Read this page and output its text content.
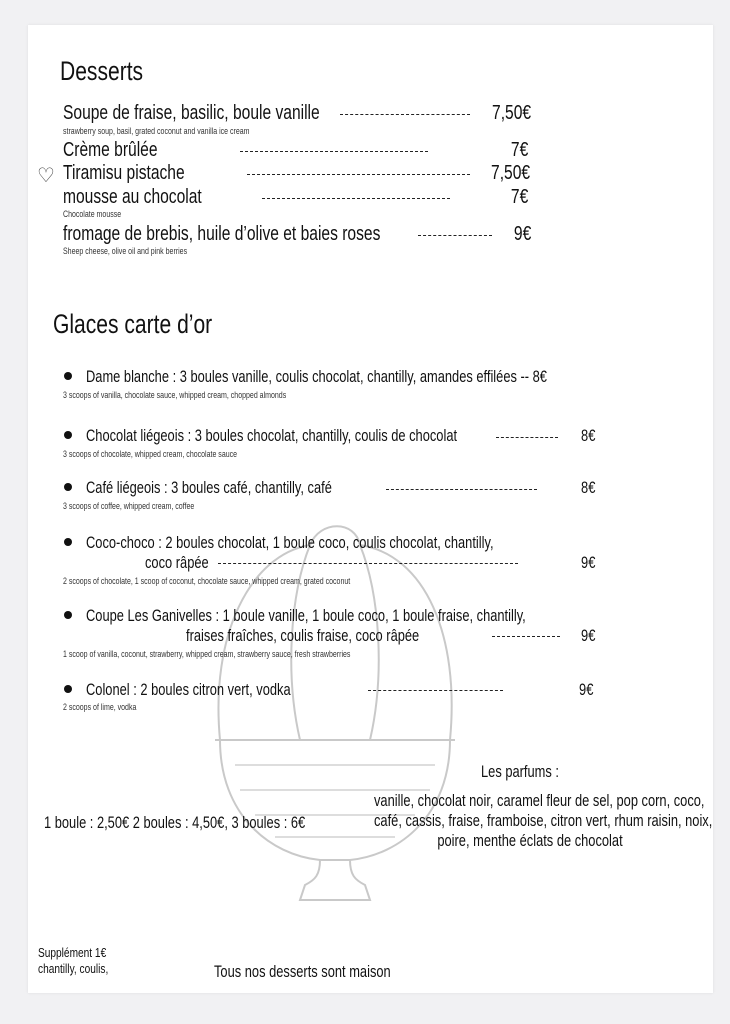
Desserts
Soupe de fraise, basilic, boule vanille	7,50€
strawberry soup, basil, grated coconut and vanilla ice cream
Crème brûlée	7€
♡ Tiramisu pistache	7,50€
mousse au chocolat	7€
Chocolate mousse
fromage de brebis, huile d’olive et baies roses	9€
Sheep cheese, olive oil and pink berries
Glaces carte d’or
Dame blanche : 3 boules vanille, coulis chocolat, chantilly, amandes effilées -- 8€
3 scoops of vanilla, chocolate sauce, whipped cream, chopped almonds
Chocolat liégeois : 3 boules chocolat, chantilly, coulis de chocolat	8€
3 scoops of chocolate, whipped cream, chocolate sauce
Café liégeois : 3 boules café, chantilly, café	8€
3 scoops of coffee, whipped cream, coffee
Coco-choco : 2 boules chocolat, 1 boule coco, coulis chocolat, chantilly,
coco râpée	9€
2 scoops of chocolate, 1 scoop of coconut, chocolate sauce, whipped cream, grated coconut
Coupe Les Ganivelles : 1 boule vanille, 1 boule coco, 1 boule fraise, chantilly,
fraises fraîches, coulis fraise, coco râpée	9€
1 scoop of vanilla, coconut, strawberry, whipped cream, strawberry sauce, fresh strawberries
Colonel : 2 boules citron vert, vodka	9€
2 scoops of lime, vodka
Les parfums :
vanille, chocolat noir, caramel fleur de sel, pop corn, coco,
café, cassis, fraise, framboise, citron vert, rhum raisin, noix,
poire, menthe éclats de chocolat
1 boule : 2,50€ 2 boules : 4,50€, 3 boules : 6€
Supplément 1€
chantilly, coulis,	Tous nos desserts sont maison
